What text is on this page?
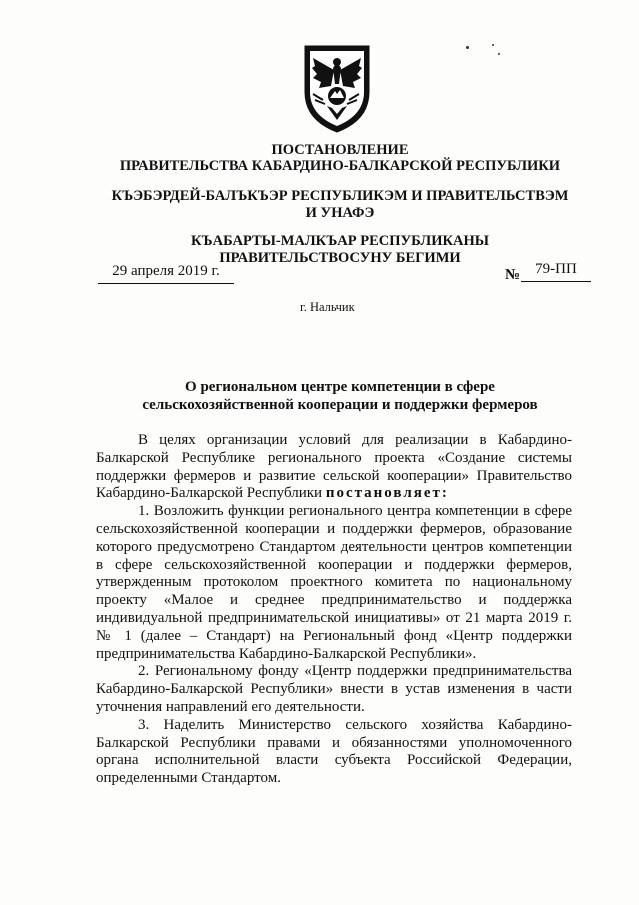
ПОСТАНОВЛЕНИЕ
ПРАВИТЕЛЬСТВА КАБАРДИНО-БАЛКАРСКОЙ РЕСПУБЛИКИ
КЪЭБЭРДЕЙ-БАЛЪКЪЭР РЕСПУБЛИКЭМ И ПРАВИТЕЛЬСТВЭМ И УНАФЭ
КЪАБАРТЫ-МАЛКЪАР РЕСПУБЛИКАНЫ ПРАВИТЕЛЬСТВОСУНУ БЕГИМИ
29 апреля 2019 г.	№	79-ПП
г. Нальчик
О региональном центре компетенции в сфере
сельскохозяйственной кооперации и поддержки фермеров

В целях организации условий для реализации в Кабардино-Балкарской Республике регионального проекта «Создание системы поддержки фермеров и развитие сельской кооперации» Правительство Кабардино-Балкарской Республики постановляет:

1. Возложить функции регионального центра компетенции в сфере сельскохозяйственной кооперации и поддержки фермеров, образование которого предусмотрено Стандартом деятельности центров компетенции в сфере сельскохозяйственной кооперации и поддержки фермеров, утвержденным протоколом проектного комитета по национальному проекту «Малое и среднее предпринимательство и поддержка индивидуальной предпринимательской инициативы» от 21 марта 2019 г. № 1 (далее – Стандарт) на Региональный фонд «Центр поддержки предпринимательства Кабардино-Балкарской Республики».

2. Региональному фонду «Центр поддержки предпринимательства Кабардино-Балкарской Республики» внести в устав изменения в части уточнения направлений его деятельности.

3. Наделить Министерство сельского хозяйства Кабардино-Балкарской Республики правами и обязанностями уполномоченного органа исполнительной власти субъекта Российской Федерации, определенными Стандартом.
